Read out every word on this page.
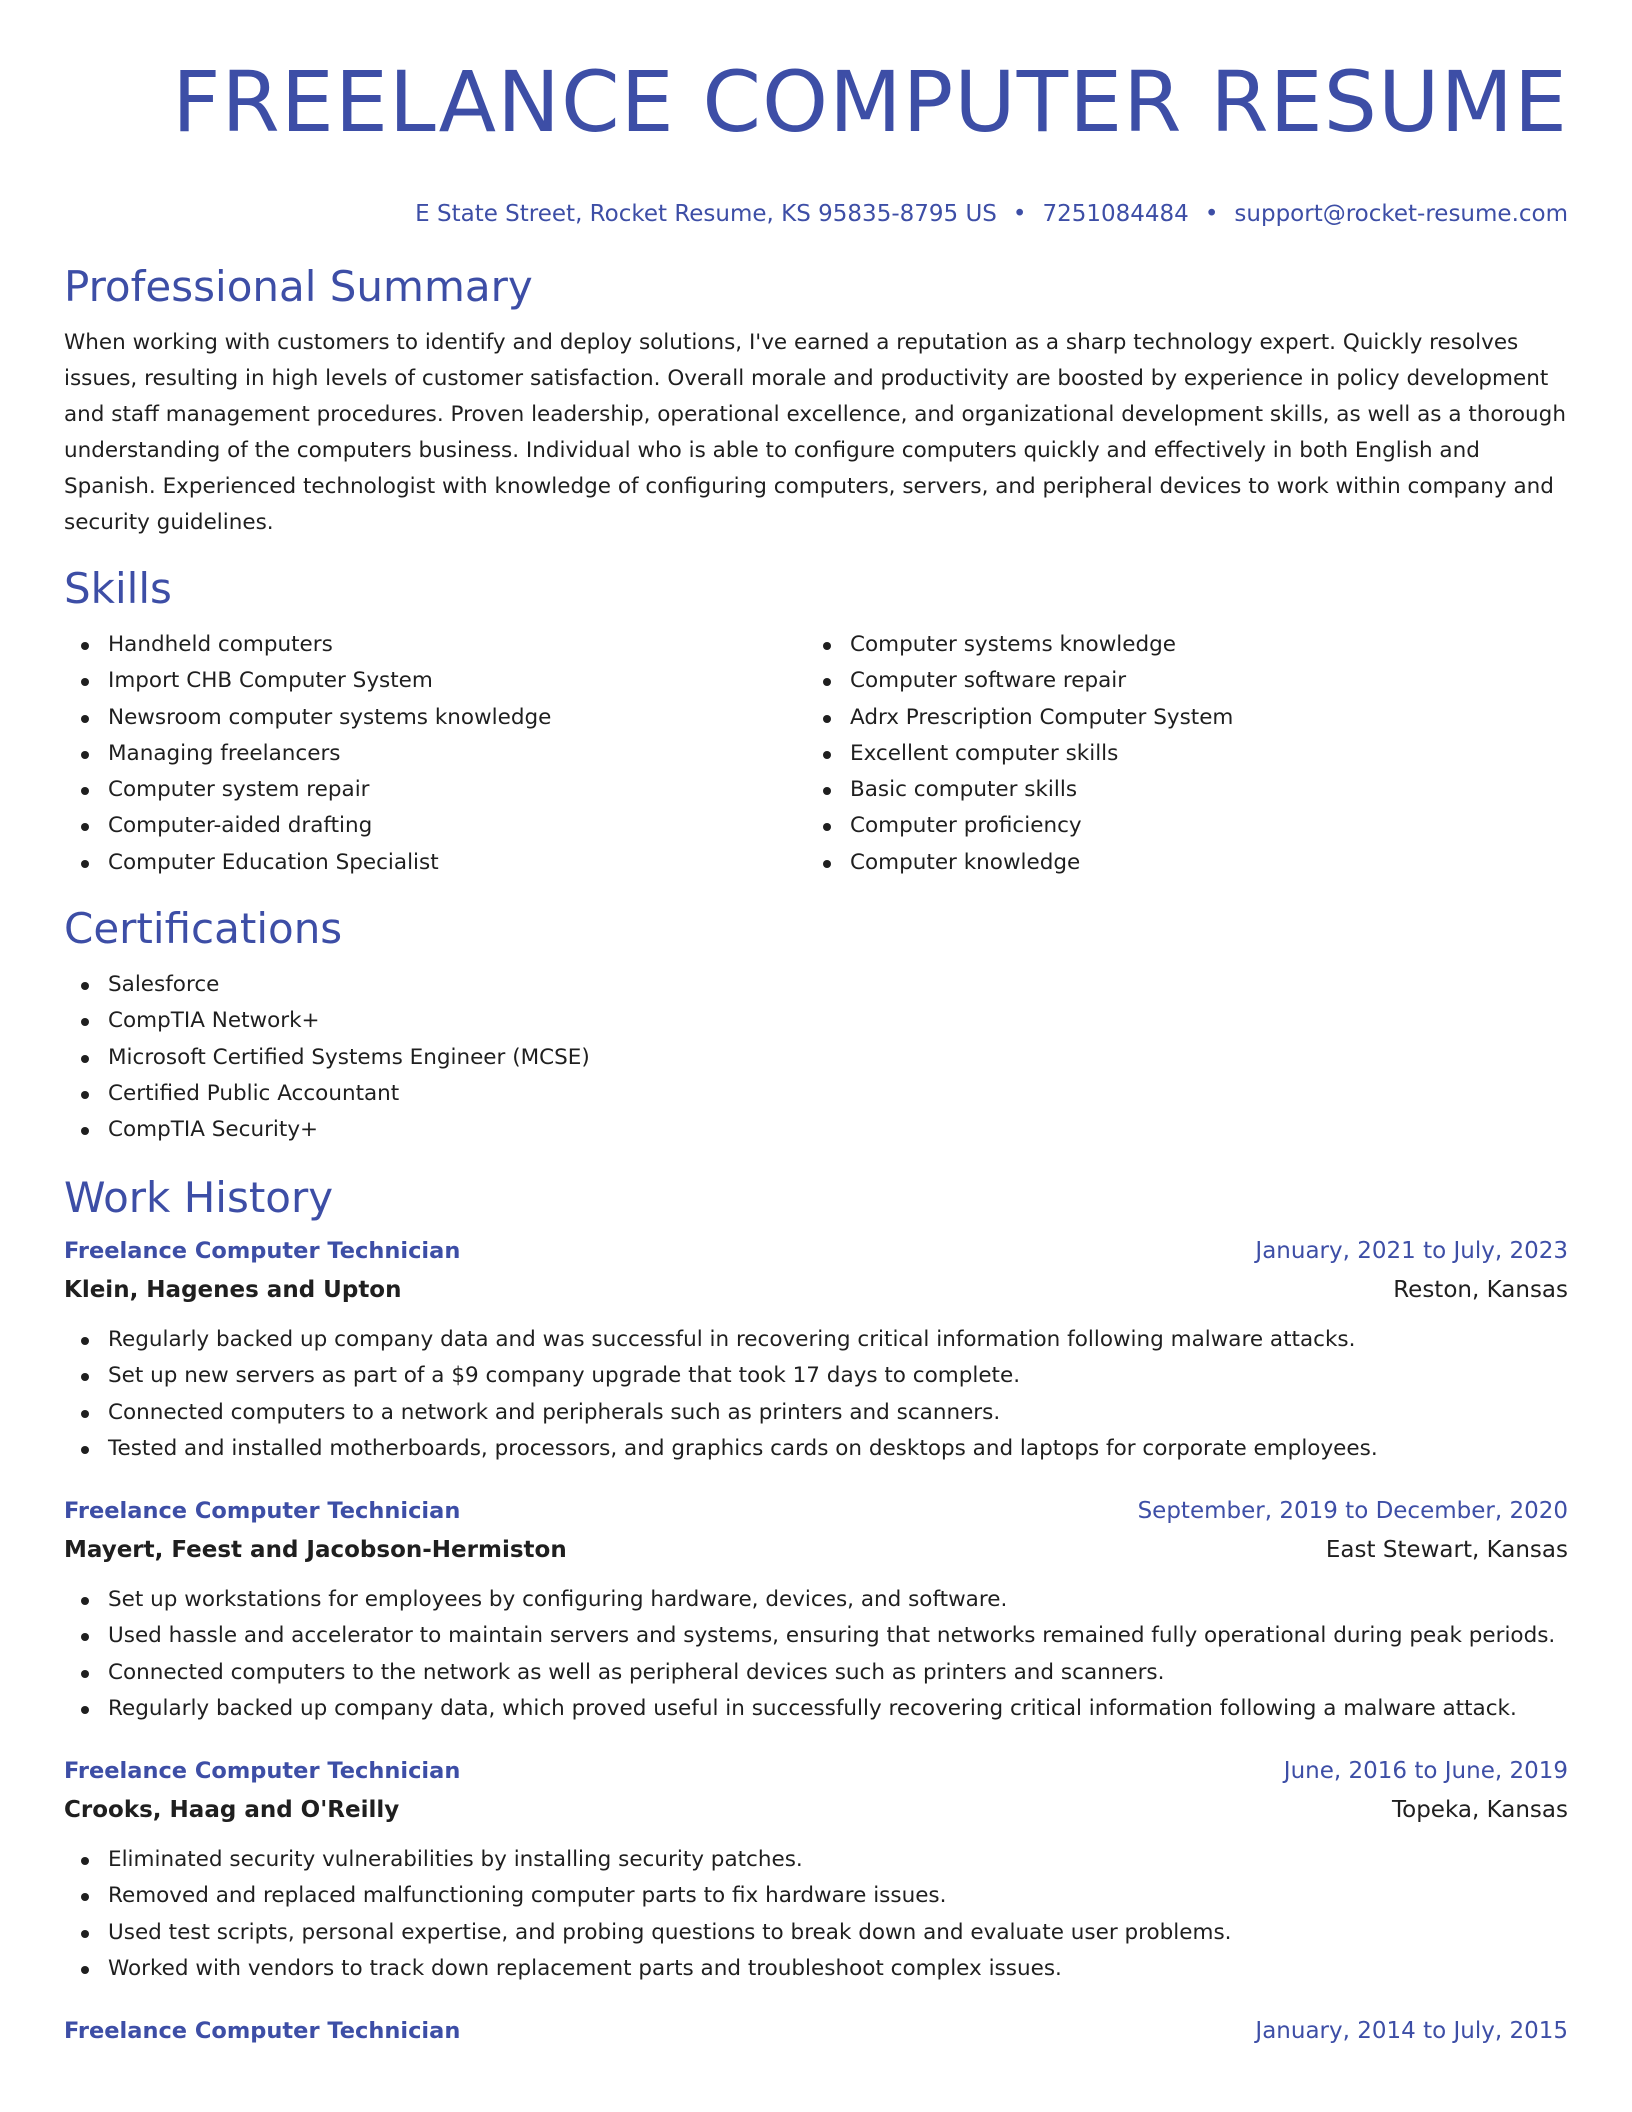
FREELANCE COMPUTER RESUME
E State Street, Rocket Resume, KS 95835-8795 US • 7251084484 • support@rocket-resume.com
Professional Summary

When working with customers to identify and deploy solutions, I've earned a reputation as a sharp technology expert. Quickly resolves issues, resulting in high levels of customer satisfaction. Overall morale and productivity are boosted by experience in policy development and staff management procedures. Proven leadership, operational excellence, and organizational development skills, as well as a thorough understanding of the computers business. Individual who is able to configure computers quickly and effectively in both English and Spanish. Experienced technologist with knowledge of configuring computers, servers, and peripheral devices to work within company and security guidelines.

Skills
Handheld computers
Import CHB Computer System
Newsroom computer systems knowledge
Managing freelancers
Computer system repair
Computer-aided drafting
Computer Education Specialist
Computer systems knowledge
Computer software repair
Adrx Prescription Computer System
Excellent computer skills
Basic computer skills
Computer proficiency
Computer knowledge
Certifications
Salesforce
CompTIA Network+
Microsoft Certified Systems Engineer (MCSE)
Certified Public Accountant
CompTIA Security+
Work History
Freelance Computer Technician	January, 2021 to July, 2023
Klein, Hagenes and Upton	Reston, Kansas
Regularly backed up company data and was successful in recovering critical information following malware attacks.
Set up new servers as part of a $9 company upgrade that took 17 days to complete.
Connected computers to a network and peripherals such as printers and scanners.
Tested and installed motherboards, processors, and graphics cards on desktops and laptops for corporate employees.
Freelance Computer Technician	September, 2019 to December, 2020
Mayert, Feest and Jacobson-Hermiston	East Stewart, Kansas
Set up workstations for employees by configuring hardware, devices, and software.
Used hassle and accelerator to maintain servers and systems, ensuring that networks remained fully operational during peak periods.
Connected computers to the network as well as peripheral devices such as printers and scanners.
Regularly backed up company data, which proved useful in successfully recovering critical information following a malware attack.
Freelance Computer Technician	June, 2016 to June, 2019
Crooks, Haag and O'Reilly	Topeka, Kansas
Eliminated security vulnerabilities by installing security patches.
Removed and replaced malfunctioning computer parts to fix hardware issues.
Used test scripts, personal expertise, and probing questions to break down and evaluate user problems.
Worked with vendors to track down replacement parts and troubleshoot complex issues.
Freelance Computer Technician	January, 2014 to July, 2015
